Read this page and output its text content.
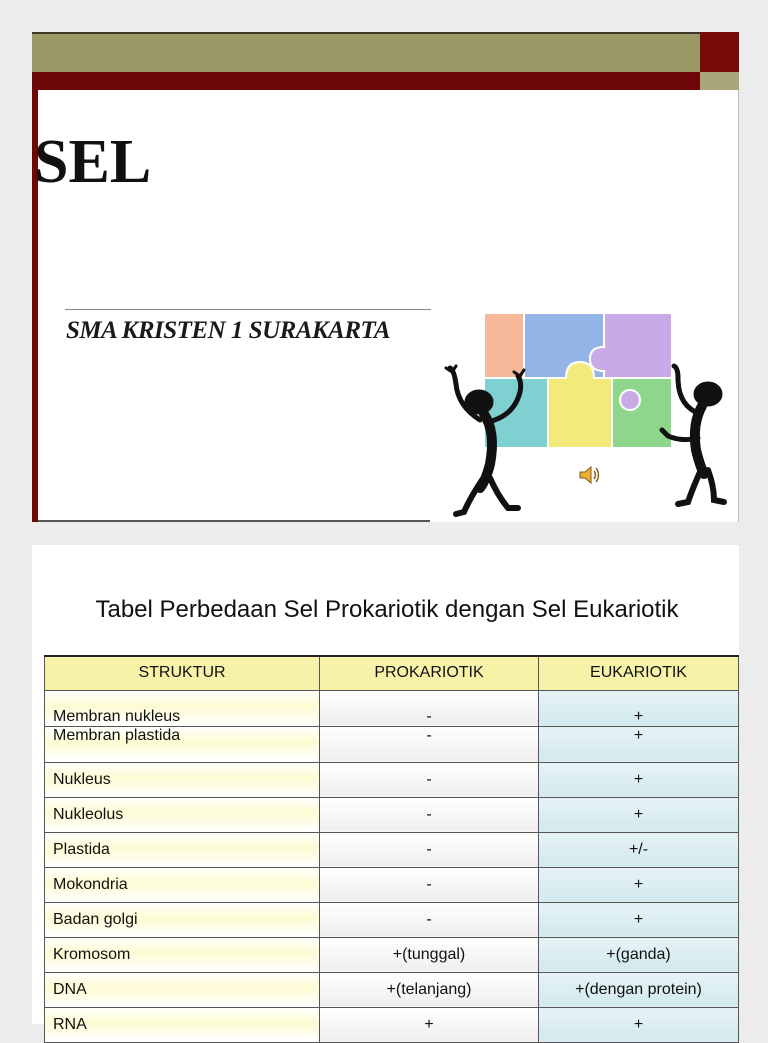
SEL
SMA KRISTEN 1 SURAKARTA
Tabel Perbedaan Sel Prokariotik dengan Sel Eukariotik
STRUKTUR	PROKARIOTIK	EUKARIOTIK
Membran nukleus	-	+
Membran plastida	-	+
Nukleus	-	+
Nukleolus	-	+
Plastida	-	+/-
Mokondria	-	+
Badan golgi	-	+
Kromosom	+(tunggal)	+(ganda)
DNA	+(telanjang)	+(dengan protein)
RNA	+	+
